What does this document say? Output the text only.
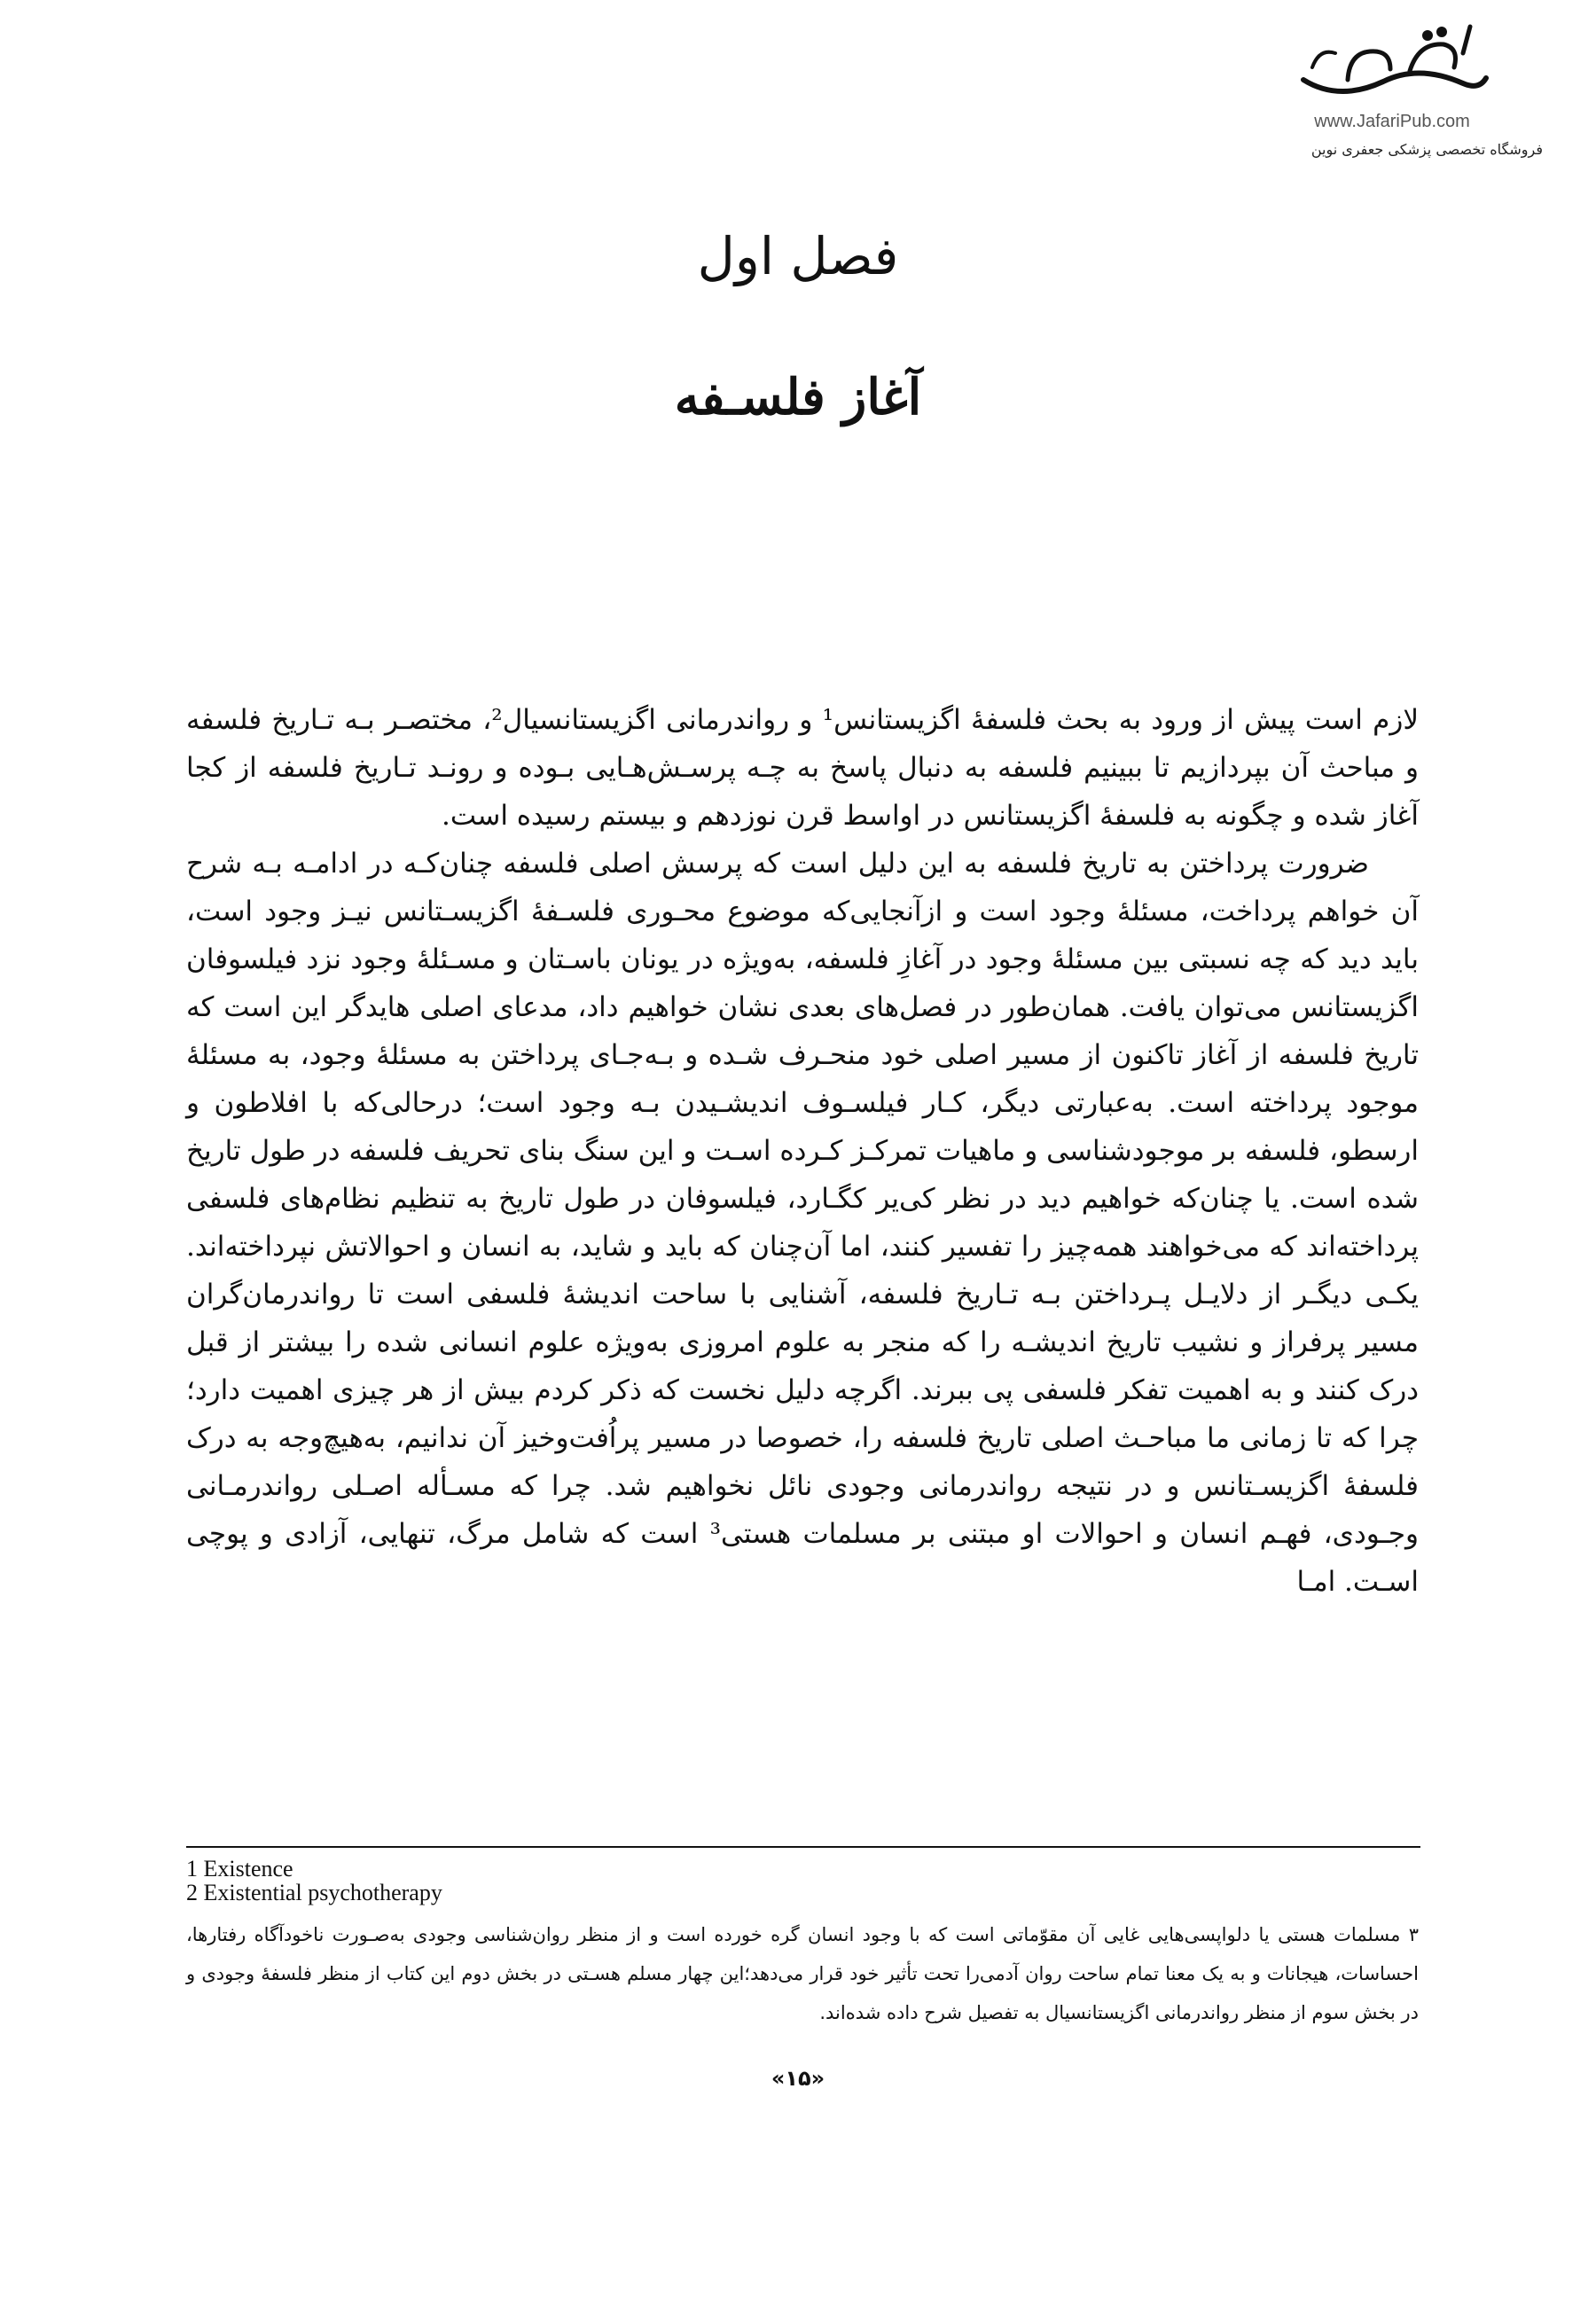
www.JafariPub.com
فروشگاه تخصصی پزشکی جعفری نوین
فصل اول
آغاز فلسـفه

لازم است پیش از ورود به بحث فلسفهٔ اگزیستانس¹ و رواندرمانی اگزیستانسیال²، مختصـر بـه تـاریخ فلسفه و مباحث آن بپردازیم تا ببینیم فلسفه به دنبال پاسخ به چـه پرسـش‌هـایی بـوده و رونـد تـاریخ فلسفه از کجا آغاز شده و چگونه به فلسفهٔ اگزیستانس در اواسط قرن نوزدهم و بیستم رسیده است.

ضرورت پرداختن به تاریخ فلسفه به این دلیل است که پرسش اصلی فلسفه چنان‌کـه در ادامـه بـه شرح آن خواهم پرداخت، مسئلهٔ وجود است و ازآنجایی‌که موضوع محـوری فلسـفهٔ اگزیسـتانس نیـز وجود است، باید دید که چه نسبتی بین مسئلهٔ وجود در آغازِ فلسفه، به‌ویژه در یونان باسـتان و مسـئلهٔ وجود نزد فیلسوفان اگزیستانس می‌توان یافت. همان‌طور در فصل‌های بعدی نشان خواهیم داد، مدعای اصلی هایدگر این است که تاریخ فلسفه از آغاز تاکنون از مسیر اصلی خود منحـرف شـده و بـه‌جـای پرداختن به مسئلهٔ وجود، به مسئلهٔ موجود پرداخته است. به‌عبارتی دیگر، کـار فیلسـوف اندیشـیدن بـه وجود است؛ درحالی‌که با افلاطون و ارسطو، فلسفه بر موجودشناسی و ماهیات تمرکـز کـرده اسـت و این سنگ بنای تحریف فلسفه در طول تاریخ شده است. یا چنان‌که خواهیم دید در نظر کی‌یر کگـارد، فیلسوفان در طول تاریخ به تنظیم نظام‌های فلسفی پرداخته‌اند که می‌خواهند همه‌چیز را تفسیر کنند، اما آن‌چنان که باید و شاید، به انسان و احوالاتش نپرداخته‌اند. یکـی دیگـر از دلایـل پـرداختن بـه تـاریخ فلسفه، آشنایی با ساحت اندیشهٔ فلسفی است تا رواندرمان‌گران مسیر پرفراز و نشیب تاریخ اندیشـه را که منجر به علوم امروزی به‌ویژه علوم انسانی شده را بیشتر از قبل درک کنند و به اهمیت تفکر فلسفی پی ببرند. اگرچه دلیل نخست که ذکر کردم بیش از هر چیزی اهمیت دارد؛ چرا که تا زمانی ما مباحـث اصلی تاریخ فلسفه را، خصوصا در مسیر پراُفت‌وخیز آن ندانیم، به‌هیچ‌وجه به درک فلسفهٔ اگزیسـتانس و در نتیجه رواندرمانی وجودی نائل نخواهیم شد. چرا که مسـأله اصـلی رواندرمـانی وجـودی، فهـم انسان و احوالات او مبتنی بر مسلمات هستی³ است که شامل مرگ، تنهایی، آزادی و پوچی اسـت. امـا

1 Existence
2 Existential psychotherapy
۳ مسلمات هستی یا دلواپسی‌هایی غایی آن مقوّماتی است که با وجود انسان گره خورده است و از منظر روان‌شناسی وجودی به‌صـورت ناخودآگاه رفتارها، احساسات، هیجانات و به یک معنا تمام ساحت روان آدمی‌را تحت تأثیر خود قرار می‌دهد؛این چهار مسلم هسـتی در بخش دوم این کتاب از منظر فلسفهٔ وجودی و در بخش سوم از منظر رواندرمانی اگزیستانسیال به تفصیل شرح داده شده‌اند.
«۱۵»
